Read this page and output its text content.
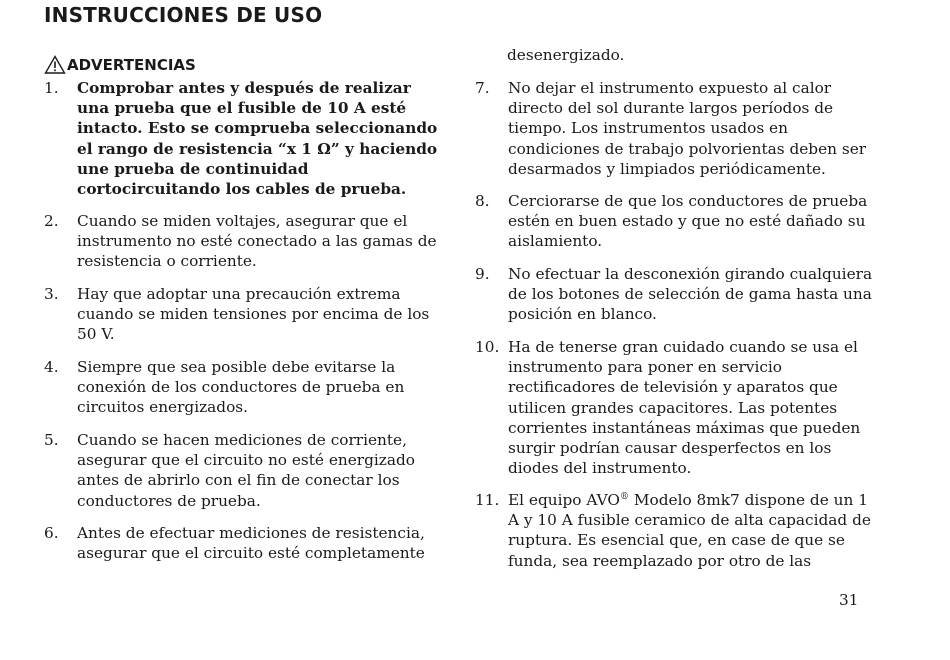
INSTRUCCIONES DE USO
ADVERTENCIAS
1.	Comprobar antes y después de realizar una prueba que el fusible de 10 A esté intacto. Esto se comprueba seleccionando el rango de resistencia “x 1 Ω” y haciendo une prueba de continuidad cortocircuitando los cables de prueba.
2.	Cuando se miden voltajes, asegurar que el instrumento no esté conectado a las gamas de resistencia o corriente.
3.	Hay que adoptar una precaución extrema cuando se miden tensiones por encima de los 50 V.
4.	Siempre que sea posible debe evitarse la conexión de los conductores de prueba en circuitos energizados.
5.	Cuando se hacen mediciones de corriente, asegurar que el circuito no esté energizado antes de abrirlo con el fin de conectar los conductores de prueba.
6.	Antes de efectuar mediciones de resistencia, asegurar que el circuito esté completamente
desenergizado.
7.	No dejar el instrumento expuesto al calor directo del sol durante largos períodos de tiempo. Los instrumentos usados en condiciones de trabajo polvorientas deben ser desarmados y limpiados periódicamente.
8.	Cerciorarse de que los conductores de prueba estén en buen estado y que no esté dañado su aislamiento.
9.	No efectuar la desconexión girando cualquiera de los botones de selección de gama hasta una posición en blanco.
10. Ha de tenerse gran cuidado cuando se usa el instrumento para poner en servicio rectificadores de televisión y aparatos que utilicen grandes capacitores. Las potentes corrientes instantáneas máximas que pueden surgir podrían causar desperfectos en los diodes del instrumento.
11. El equipo AVO® Modelo 8mk7 dispone de un 1 A y 10 A fusible ceramico de alta capacidad de ruptura. Es esencial que, en case de que se funda, sea reemplazado por otro de las
31
